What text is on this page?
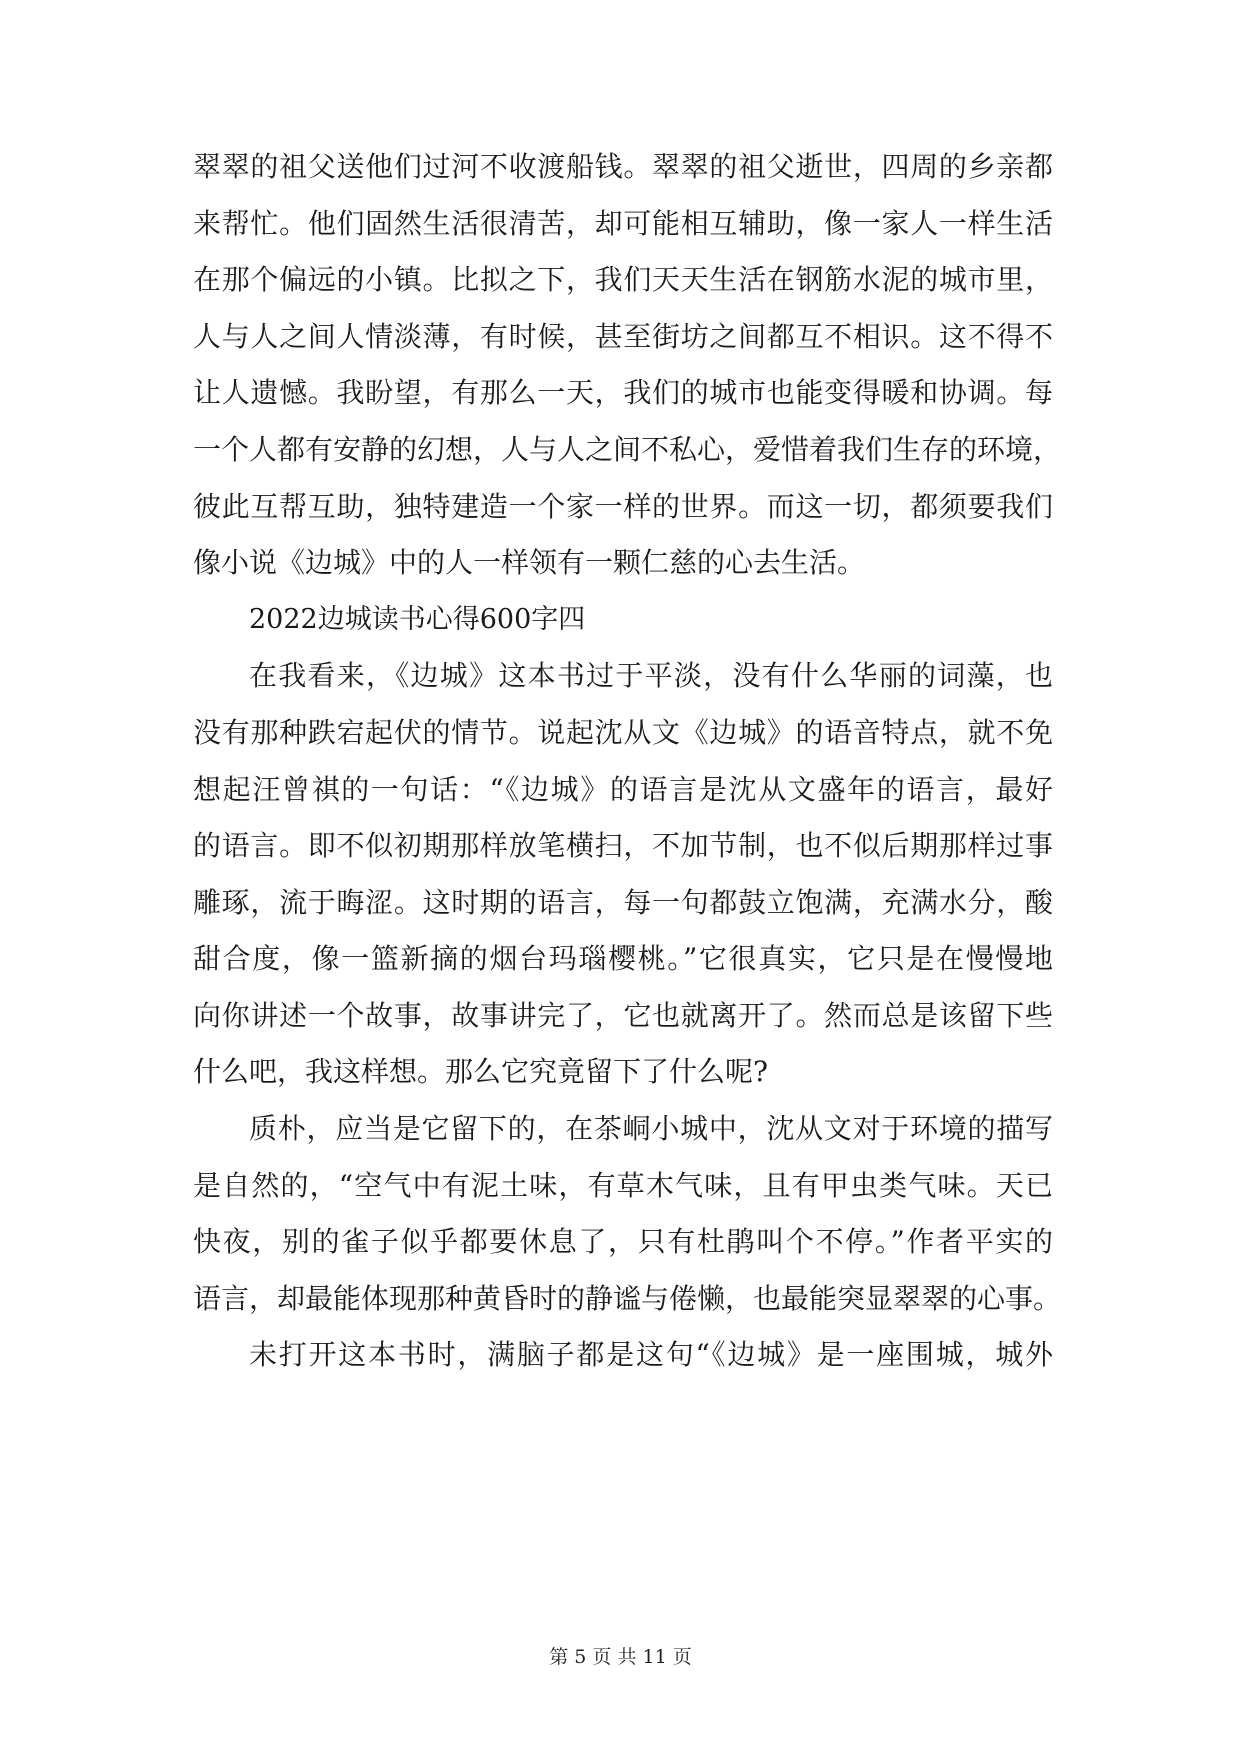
翠翠的祖父送他们过河不收渡船钱。翠翠的祖父逝世，四周的乡亲都
来帮忙。他们固然生活很清苦，却可能相互辅助，像一家人一样生活
在那个偏远的小镇。比拟之下，我们天天生活在钢筋水泥的城市里，
人与人之间人情淡薄，有时候，甚至街坊之间都互不相识。这不得不
让人遗憾。我盼望，有那么一天，我们的城市也能变得暖和协调。每
一个人都有安静的幻想，人与人之间不私心，爱惜着我们生存的环境，
彼此互帮互助，独特建造一个家一样的世界。而这一切，都须要我们
像小说《边城》中的人一样领有一颗仁慈的心去生活。
2022边城读书心得600字四
在我看来，《边城》这本书过于平淡，没有什么华丽的词藻，也
没有那种跌宕起伏的情节。说起沈从文《边城》的语音特点，就不免
想起汪曾祺的一句话：“《边城》的语言是沈从文盛年的语言，最好
的语言。即不似初期那样放笔横扫，不加节制，也不似后期那样过事
雕琢，流于晦涩。这时期的语言，每一句都鼓立饱满，充满水分，酸
甜合度，像一篮新摘的烟台玛瑙樱桃。”它很真实，它只是在慢慢地
向你讲述一个故事，故事讲完了，它也就离开了。然而总是该留下些
什么吧，我这样想。那么它究竟留下了什么呢?
质朴，应当是它留下的，在茶峒小城中，沈从文对于环境的描写
是自然的，“空气中有泥土味，有草木气味，且有甲虫类气味。天已
快夜，别的雀子似乎都要休息了，只有杜鹃叫个不停。”作者平实的
语言，却最能体现那种黄昏时的静谧与倦懒，也最能突显翠翠的心事。
未打开这本书时，满脑子都是这句“《边城》是一座围城，城外
第 5 页 共 11 页
